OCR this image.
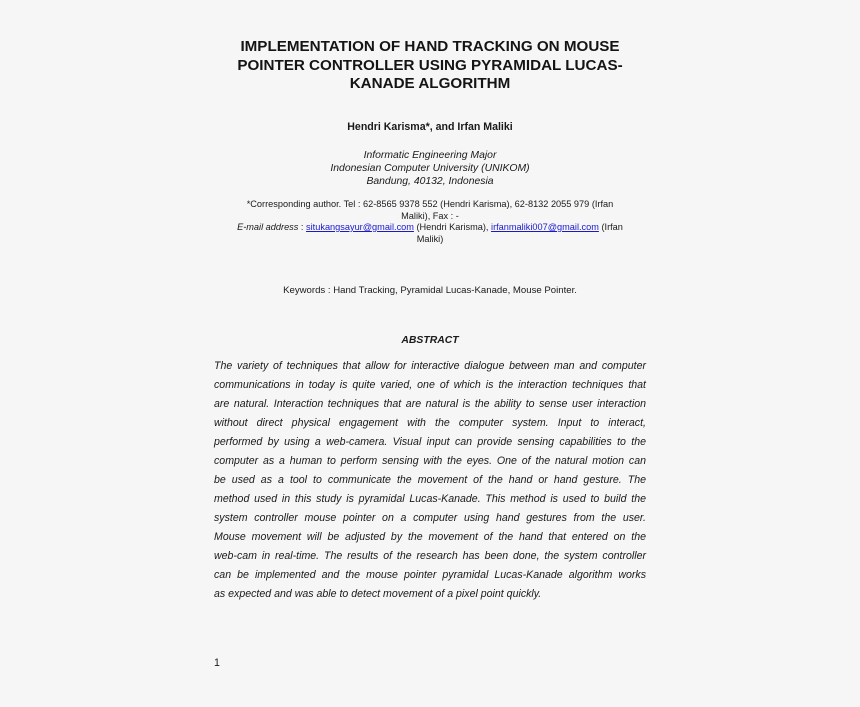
IMPLEMENTATION OF HAND TRACKING ON MOUSE
POINTER CONTROLLER USING PYRAMIDAL LUCAS-
KANADE ALGORITHM
Hendri Karisma*, and Irfan Maliki
Informatic Engineering Major
Indonesian Computer University (UNIKOM)
Bandung, 40132, Indonesia
*Corresponding author. Tel : 62-8565 9378 552 (Hendri Karisma), 62-8132 2055 979 (Irfan
Maliki), Fax : -
E-mail address : situkangsayur@gmail.com (Hendri Karisma), irfanmaliki007@gmail.com (Irfan
Maliki)
Keywords : Hand Tracking, Pyramidal Lucas-Kanade, Mouse Pointer.
ABSTRACT
The variety of techniques that allow for interactive dialogue between man and computer
communications in today is quite varied, one of which is the interaction techniques that
are natural. Interaction techniques that are natural is the ability to sense user interaction
without direct physical engagement with the computer system. Input to interact,
performed by using a web-camera. Visual input can provide sensing capabilities to the
computer as a human to perform sensing with the eyes. One of the natural motion can
be used as a tool to communicate the movement of the hand or hand gesture. The
method used in this study is pyramidal Lucas-Kanade. This method is used to build the
system controller mouse pointer on a computer using hand gestures from the user.
Mouse movement will be adjusted by the movement of the hand that entered on the
web-cam in real-time. The results of the research has been done, the system controller
can be implemented and the mouse pointer pyramidal Lucas-Kanade algorithm works
as expected and was able to detect movement of a pixel point quickly.
1
